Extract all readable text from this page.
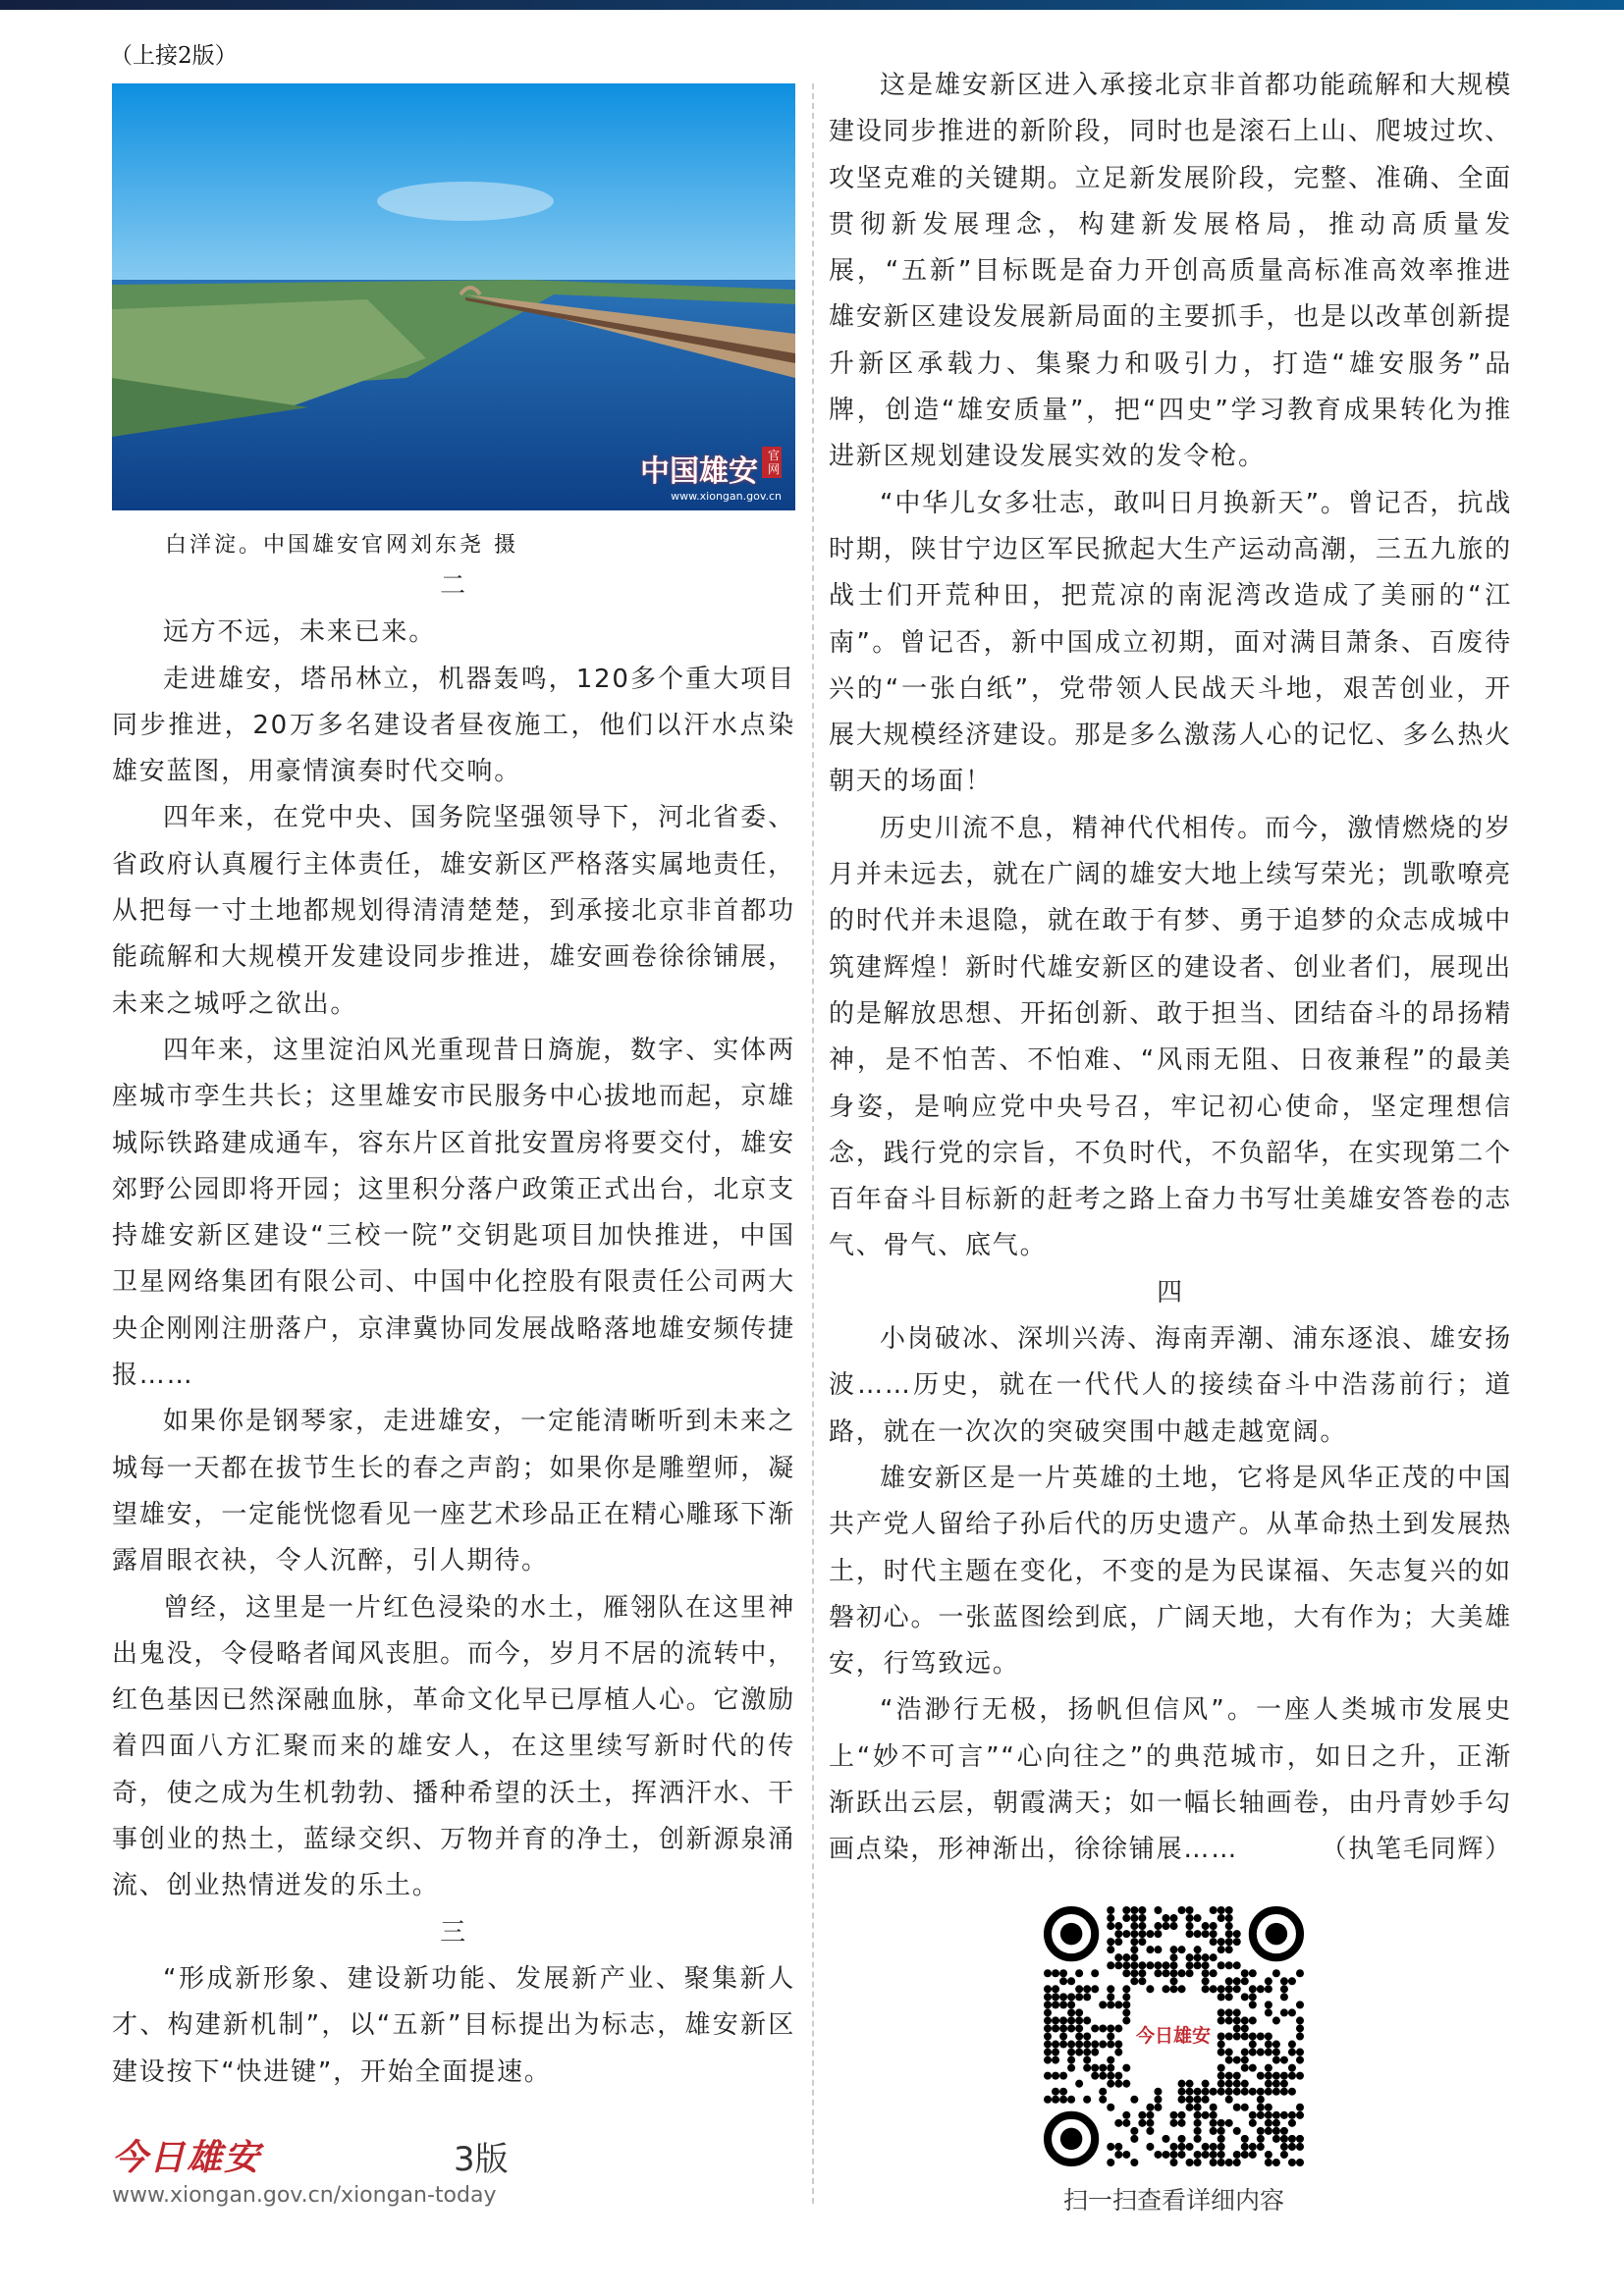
（上接2版）
中国雄安 官网
www.xiongan.gov.cn
白洋淀。中国雄安官网刘东尧 摄

二

远方不远，未来已来。

走进雄安，塔吊林立，机器轰鸣，120多个重大项目同步推进，20万多名建设者昼夜施工，他们以汗水点染雄安蓝图，用豪情演奏时代交响。

四年来，在党中央、国务院坚强领导下，河北省委、省政府认真履行主体责任，雄安新区严格落实属地责任，从把每一寸土地都规划得清清楚楚，到承接北京非首都功能疏解和大规模开发建设同步推进，雄安画卷徐徐铺展，未来之城呼之欲出。

四年来，这里淀泊风光重现昔日旖旎，数字、实体两座城市孪生共长；这里雄安市民服务中心拔地而起，京雄城际铁路建成通车，容东片区首批安置房将要交付，雄安郊野公园即将开园；这里积分落户政策正式出台，北京支持雄安新区建设“三校一院”交钥匙项目加快推进，中国卫星网络集团有限公司、中国中化控股有限责任公司两大央企刚刚注册落户，京津冀协同发展战略落地雄安频传捷报……

如果你是钢琴家，走进雄安，一定能清晰听到未来之城每一天都在拔节生长的春之声韵；如果你是雕塑师，凝望雄安，一定能恍惚看见一座艺术珍品正在精心雕琢下渐露眉眼衣袂，令人沉醉，引人期待。

曾经，这里是一片红色浸染的水土，雁翎队在这里神出鬼没，令侵略者闻风丧胆。而今，岁月不居的流转中，红色基因已然深融血脉，革命文化早已厚植人心。它激励着四面八方汇聚而来的雄安人，在这里续写新时代的传奇，使之成为生机勃勃、播种希望的沃土，挥洒汗水、干事创业的热土，蓝绿交织、万物并育的净土，创新源泉涌流、创业热情迸发的乐土。

三

“形成新形象、建设新功能、发展新产业、聚集新人才、构建新机制”，以“五新”目标提出为标志，雄安新区建设按下“快进键”，开始全面提速。

这是雄安新区进入承接北京非首都功能疏解和大规模建设同步推进的新阶段，同时也是滚石上山、爬坡过坎、攻坚克难的关键期。立足新发展阶段，完整、准确、全面贯彻新发展理念，构建新发展格局，推动高质量发展，“五新”目标既是奋力开创高质量高标准高效率推进雄安新区建设发展新局面的主要抓手，也是以改革创新提升新区承载力、集聚力和吸引力，打造“雄安服务”品牌，创造“雄安质量”，把“四史”学习教育成果转化为推进新区规划建设发展实效的发令枪。

“中华儿女多壮志，敢叫日月换新天”。曾记否，抗战时期，陕甘宁边区军民掀起大生产运动高潮，三五九旅的战士们开荒种田，把荒凉的南泥湾改造成了美丽的“江南”。曾记否，新中国成立初期，面对满目萧条、百废待兴的“一张白纸”，党带领人民战天斗地，艰苦创业，开展大规模经济建设。那是多么激荡人心的记忆、多么热火朝天的场面！

历史川流不息，精神代代相传。而今，激情燃烧的岁月并未远去，就在广阔的雄安大地上续写荣光；凯歌嘹亮的时代并未退隐，就在敢于有梦、勇于追梦的众志成城中筑建辉煌！新时代雄安新区的建设者、创业者们，展现出的是解放思想、开拓创新、敢于担当、团结奋斗的昂扬精神，是不怕苦、不怕难、“风雨无阻、日夜兼程”的最美身姿，是响应党中央号召，牢记初心使命，坚定理想信念，践行党的宗旨，不负时代，不负韶华，在实现第二个百年奋斗目标新的赶考之路上奋力书写壮美雄安答卷的志气、骨气、底气。

四

小岗破冰、深圳兴涛、海南弄潮、浦东逐浪、雄安扬波……历史，就在一代代人的接续奋斗中浩荡前行；道路，就在一次次的突破突围中越走越宽阔。

雄安新区是一片英雄的土地，它将是风华正茂的中国共产党人留给子孙后代的历史遗产。从革命热土到发展热土，时代主题在变化，不变的是为民谋福、矢志复兴的如磐初心。一张蓝图绘到底，广阔天地，大有作为；大美雄安，行笃致远。

“浩渺行无极，扬帆但信风”。一座人类城市发展史上“妙不可言”“心向往之”的典范城市，如日之升，正渐渐跃出云层，朝霞满天；如一幅长轴画卷，由丹青妙手勾画点染，形神渐出，徐徐铺展……	（执笔毛同辉）

今日雄安	3版
www.xiongan.gov.cn/xiongan-today
今日雄安
扫一扫查看详细内容
